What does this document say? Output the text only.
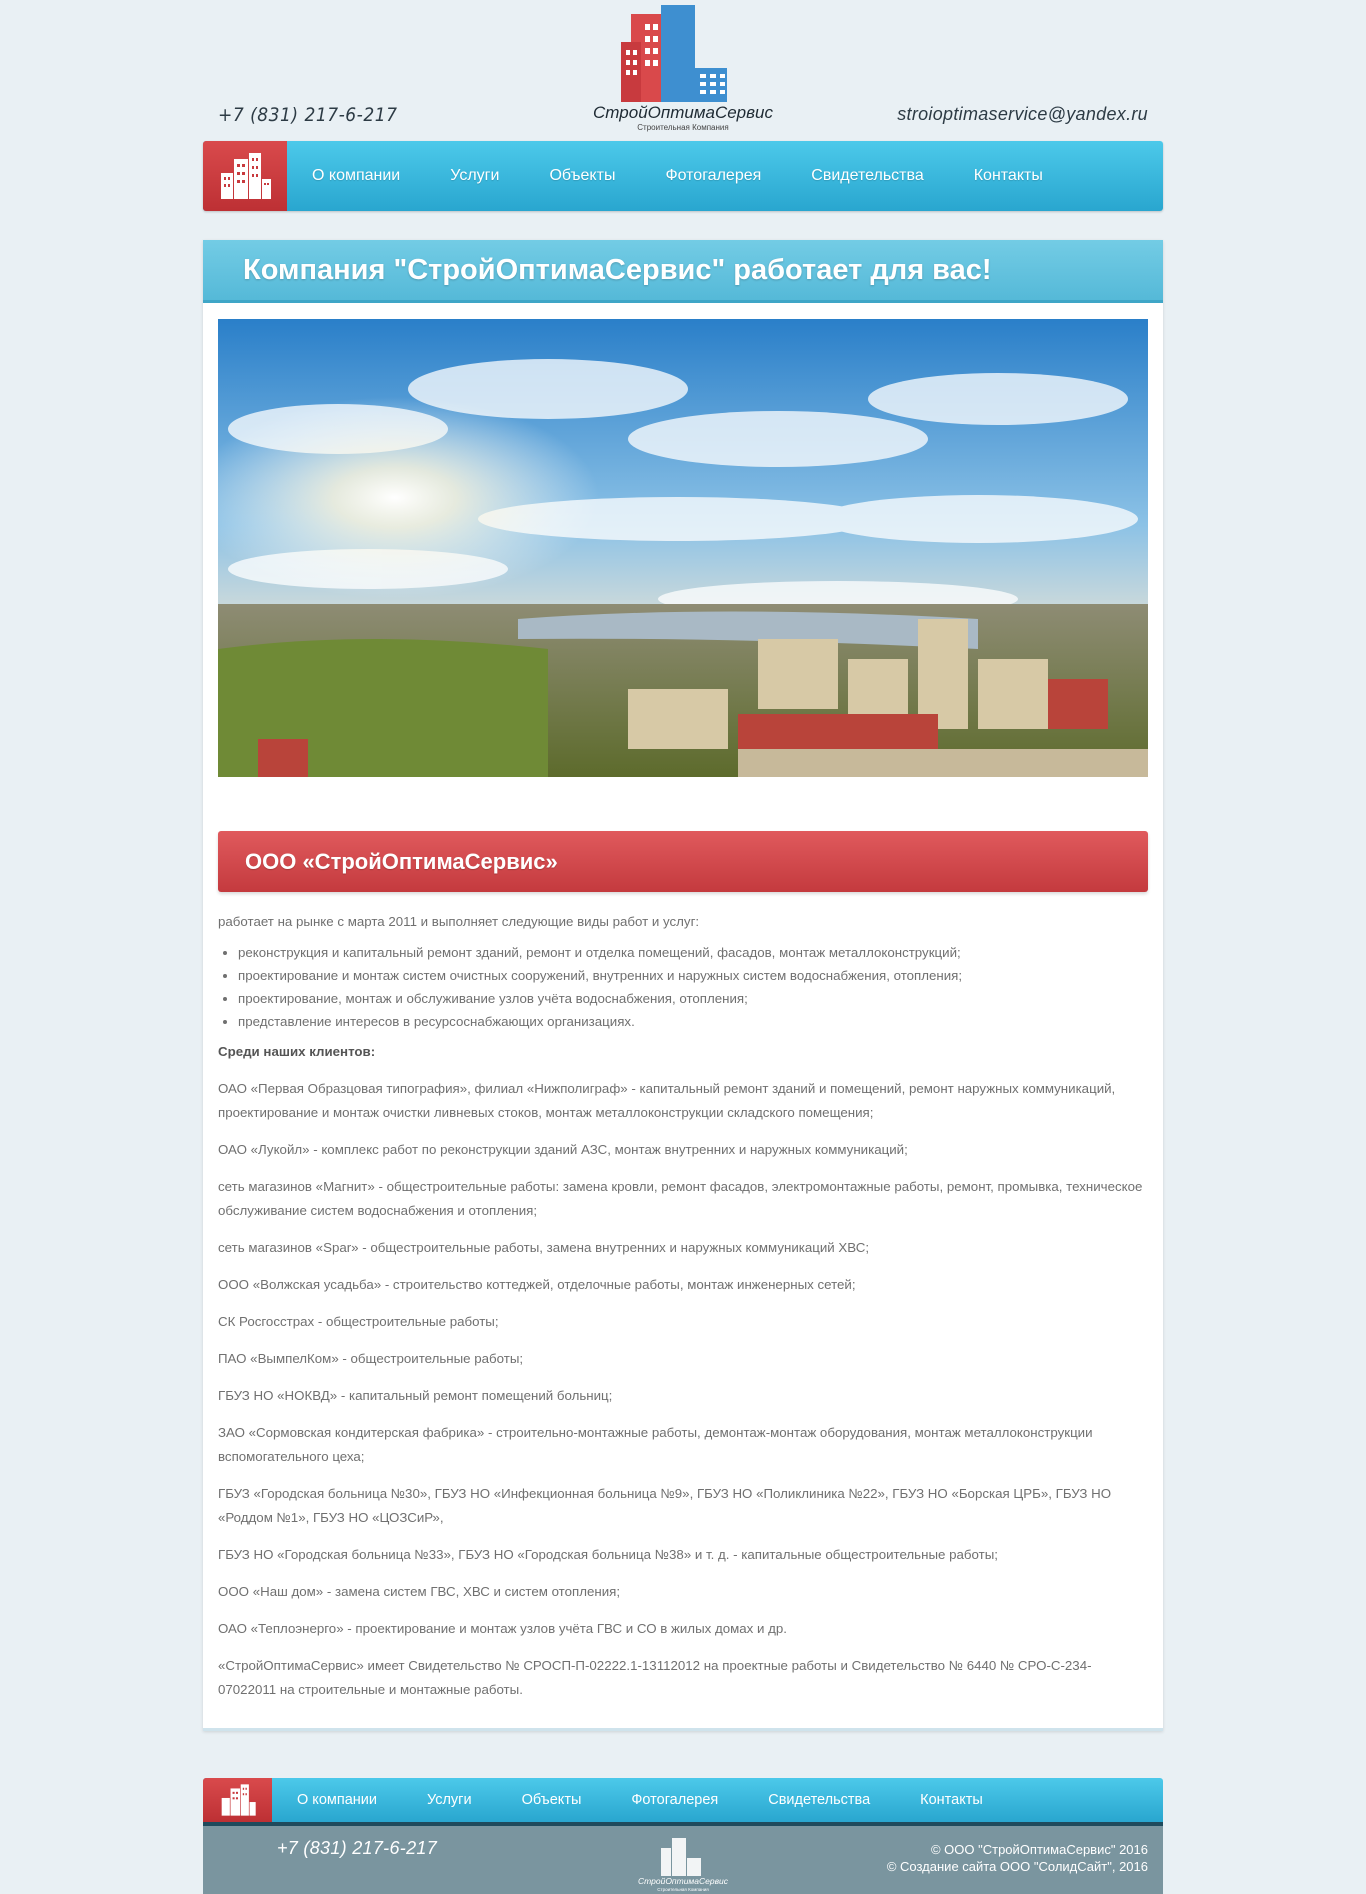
+7 (831) 217-6-217	СтройОптимаСервис
Строительная Компания
stroioptimaservice@yandex.ru
О компании	Услуги	Объекты	Фотогалерея	Свидетельства	Контакты
Компания "СтройОптимаСервис" работает для вас!
ООО «СтройОптимаСервис»

работает на рынке с марта 2011 и выполняет следующие виды работ и услуг:

• реконструкция и капитальный ремонт зданий, ремонт и отделка помещений, фасадов, монтаж металлоконструкций;
• проектирование и монтаж систем очистных сооружений, внутренних и наружных систем водоснабжения, отопления;
• проектирование, монтаж и обслуживание узлов учёта водоснабжения, отопления;
• представление интересов в ресурсоснабжающих организациях.

Среди наших клиентов:

ОАО «Первая Образцовая типография», филиал «Нижполиграф» - капитальный ремонт зданий и помещений, ремонт наружных коммуникаций, проектирование и монтаж очистки ливневых стоков, монтаж металлоконструкции складского помещения;

ОАО «Лукойл» - комплекс работ по реконструкции зданий АЗС, монтаж внутренних и наружных коммуникаций;

сеть магазинов «Магнит» - общестроительные работы: замена кровли, ремонт фасадов, электромонтажные работы, ремонт, промывка, техническое обслуживание систем водоснабжения и отопления;

сеть магазинов «Spar» - общестроительные работы, замена внутренних и наружных коммуникаций ХВС;

ООО «Волжская усадьба» - строительство коттеджей, отделочные работы, монтаж инженерных сетей;

СК Росгосстрах - общестроительные работы;

ПАО «ВымпелКом» - общестроительные работы;

ГБУЗ НО «НОКВД» - капитальный ремонт помещений больниц;

ЗАО «Сормовская кондитерская фабрика» - строительно-монтажные работы, демонтаж-монтаж оборудования, монтаж металлоконструкции вспомогательного цеха;

ГБУЗ «Городская больница №30», ГБУЗ НО «Инфекционная больница №9», ГБУЗ НО «Поликлиника №22», ГБУЗ НО «Борская ЦРБ», ГБУЗ НО «Роддом №1», ГБУЗ НО «ЦОЗСиР»,

ГБУЗ НО «Городская больница №33», ГБУЗ НО «Городская больница №38» и т. д. - капитальные общестроительные работы;

ООО «Наш дом» - замена систем ГВС, ХВС и систем отопления;

ОАО «Теплоэнерго» - проектирование и монтаж узлов учёта ГВС и СО в жилых домах и др.

«СтройОптимаСервис» имеет Свидетельство № СРОСП-П-02222.1-13112012 на проектные работы и Свидетельство № 6440 № СРО-С-234-07022011 на строительные и монтажные работы.

О компании	Услуги	Объекты	Фотогалерея	Свидетельства	Контакты
+7 (831) 217-6-217
СтройОптимаСервис
Строительная Компания
© ООО "СтройОптимаСервис" 2016
© Создание сайта ООО "СолидСайт", 2016
